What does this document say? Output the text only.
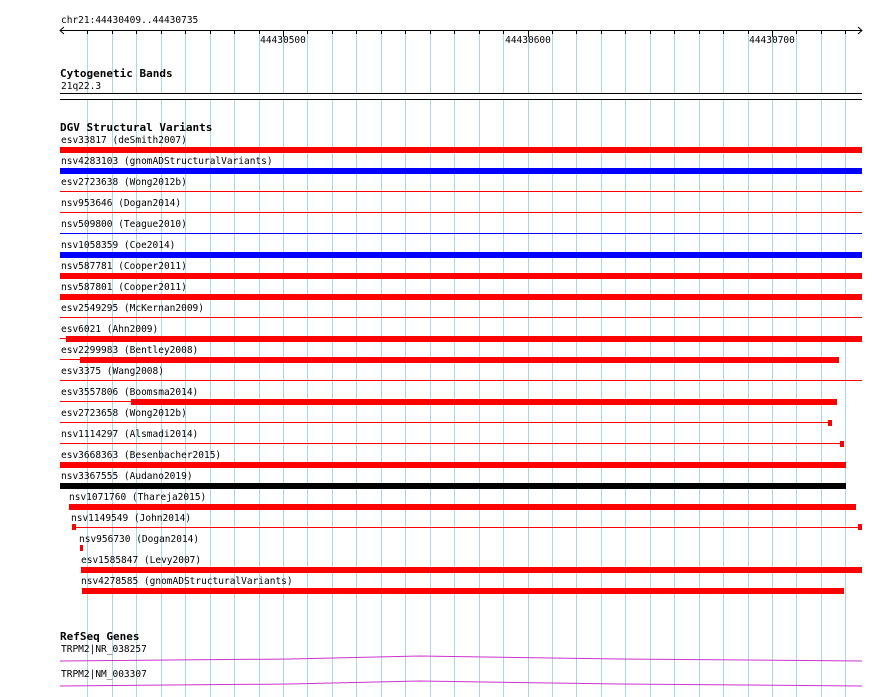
chr21:44430409..44430735
44430500	44430600	44430700
Cytogenetic Bands
21q22.3
DGV Structural Variants
esv33817 (deSmith2007)
nsv4283103 (gnomADStructuralVariants)
esv2723638 (Wong2012b)
nsv953646 (Dogan2014)
nsv509800 (Teague2010)
nsv1058359 (Coe2014)
nsv587781 (Cooper2011)
nsv587801 (Cooper2011)
esv2549295 (McKernan2009)
esv6021 (Ahn2009)
esv2299983 (Bentley2008)
esv3375 (Wang2008)
esv3557806 (Boomsma2014)
esv2723658 (Wong2012b)
nsv1114297 (Alsmadi2014)
esv3668363 (Besenbacher2015)
nsv3367555 (Audano2019)
nsv1071760 (Thareja2015)
nsv1149549 (John2014)
nsv956730 (Dogan2014)
esv1585847 (Levy2007)
nsv4278585 (gnomADStructuralVariants)
RefSeq Genes
TRPM2|NR_038257
TRPM2|NM_003307
